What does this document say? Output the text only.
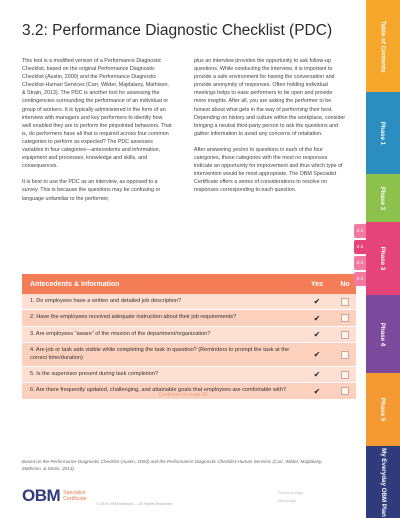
3.2: Performance Diagnostic Checklist (PDC)

This tool is a modified version of a Performance Diagnostic Checklist, based on the original Performance Diagnostic Checklist (Austin, 2000) and the Performance Diagnostic Checklist-Human Services (Carr, Wilder, Majdalany, Mathisen, & Strain, 2013). The PDC is another tool for assessing the contingencies surrounding the performance of an individual or group of workers. It is typically administered in the form of an interview with managers and key performers to identify how well enabled they are to perform the pinpointed behaviors. That is, do performers have all that is required across four common categories to perform as expected? The PDC assesses variables in four categories—antecedents and information, equipment and processes, knowledge and skills, and consequences.

It is best to use the PDC as an interview, as opposed to a survey. This is because the questions may be confusing or language unfamiliar to the performer,

plus an interview provides the opportunity to ask follow-up questions. While conducting the interview, it is important to provide a safe environment for having the conversation and provide anonymity of responses. Often holding individual meetings helps to ease performers to be open and provide more insights. After all, you are asking the performer to be honest about what gets in the way of performing their best. Depending on history and culture within the workplace, consider bringing a neutral third-party person to ask the questions and gather information to avoid any concerns of retaliation.

After answering yes/no to questions in each of the four categories, those categories with the most no responses indicate an opportunity for improvement and thus which type of intervention would be most appropriate. The OBM Specialist Certificate offers a series of considerations to resolve no responses corresponding to each question.

Antecedents & Information	Yes	No
1. Do employees have a written and detailed job description?	✔
2. Have the employees received adequate instruction about their job requirements?	✔
3. Are employees “aware” of the mission of the department/organization?	✔
4. Are job or task aids visible while completing the task in question? (Reminders to prompt the task at the correct time/duration)	✔
5. Is the supervisor present during task completion?	✔
6. Are there frequently updated, challenging, and attainable goals that employees are comfortable with?	✔
Continues on page 25
Based on the Performance Diagnostic Checklist (Austin, 2000) and the Performance Diagnostic Checklist-Human Services (Carr, Wilder, Majdalany, Mathisen, & Strain, 2013).
OBM Specialist
Certificate
© 2019 OBM Network — All Rights Reserved
Previous page
Next page
Table of Contents
Phase 1
Phase 2
Phase 3
Phase 4
Phase 5
My Everyday OBM Plan
3.1
3.2
3.3
3.4
